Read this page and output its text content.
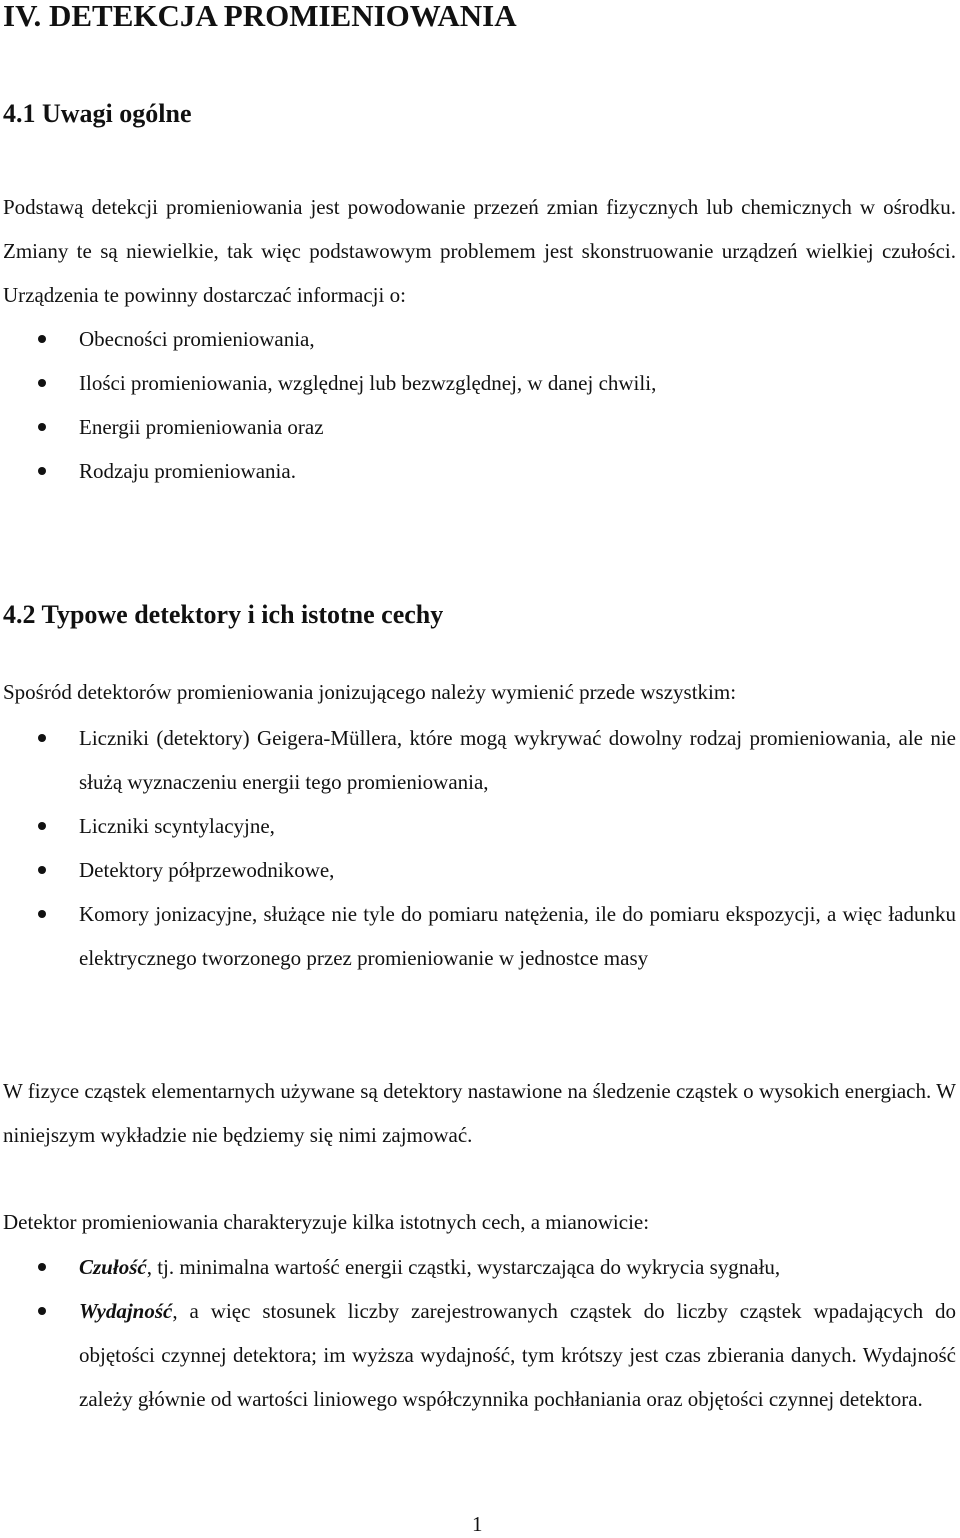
IV. DETEKCJA PROMIENIOWANIA
4.1 Uwagi ogólne

Podstawą detekcji promieniowania jest powodowanie przezeń zmian fizycznych lub chemicznych w ośrodku. Zmiany te są niewielkie, tak więc podstawowym problemem jest skonstruowanie urządzeń wielkiej czułości. Urządzenia te powinny dostarczać informacji o:

Obecności promieniowania,
Ilości promieniowania, względnej lub bezwzględnej, w danej chwili,
Energii promieniowania oraz
Rodzaju promieniowania.
4.2 Typowe detektory i ich istotne cechy

Spośród detektorów promieniowania jonizującego należy wymienić przede wszystkim:

Liczniki (detektory) Geigera-Müllera, które mogą wykrywać dowolny rodzaj promieniowania, ale nie służą wyznaczeniu energii tego promieniowania,
Liczniki scyntylacyjne,
Detektory półprzewodnikowe,
Komory jonizacyjne, służące nie tyle do pomiaru natężenia, ile do pomiaru ekspozycji, a więc ładunku elektrycznego tworzonego przez promieniowanie w jednostce masy

W fizyce cząstek elementarnych używane są detektory nastawione na śledzenie cząstek o wysokich energiach. W niniejszym wykładzie nie będziemy się nimi zajmować.

Detektor promieniowania charakteryzuje kilka istotnych cech, a mianowicie:

Czułość, tj. minimalna wartość energii cząstki, wystarczająca do wykrycia sygnału,
Wydajność, a więc stosunek liczby zarejestrowanych cząstek do liczby cząstek wpadających do objętości czynnej detektora; im wyższa wydajność, tym krótszy jest czas zbierania danych. Wydajność zależy głównie od wartości liniowego współczynnika pochłaniania oraz objętości czynnej detektora.
1
